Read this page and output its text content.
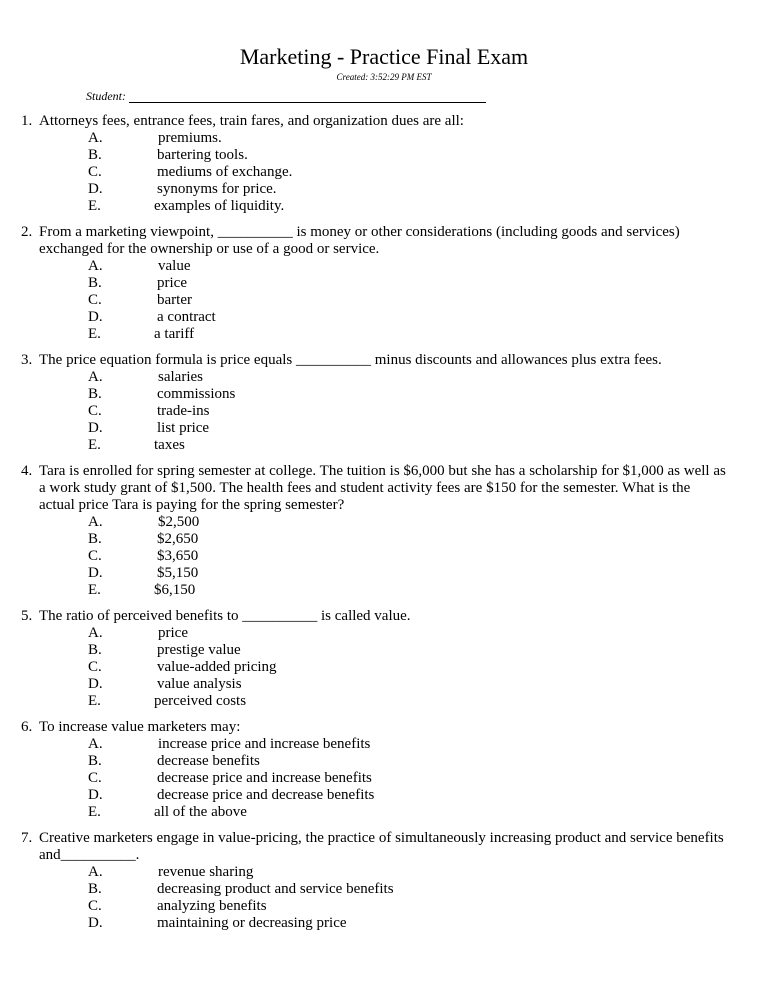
Marketing - Practice Final Exam
Created: 3:52:29 PM EST
Student:
1. Attorneys fees, entrance fees, train fares, and organization dues are all:
A.	premiums.
B.	bartering tools.
C.	mediums of exchange.
D.	synonyms for price.
E.	examples of liquidity.
2. From a marketing viewpoint, __________ is money or other considerations (including goods and services) exchanged for the ownership or use of a good or service.
A.	value
B.	price
C.	barter
D.	a contract
E.	a tariff
3. The price equation formula is price equals __________ minus discounts and allowances plus extra fees.
A.	salaries
B.	commissions
C.	trade-ins
D.	list price
E.	taxes
4. Tara is enrolled for spring semester at college. The tuition is $6,000 but she has a scholarship for $1,000 as well as a work study grant of $1,500. The health fees and student activity fees are $150 for the semester. What is the actual price Tara is paying for the spring semester?
A.	$2,500
B.	$2,650
C.	$3,650
D.	$5,150
E.	$6,150
5. The ratio of perceived benefits to __________ is called value.
A.	price
B.	prestige value
C.	value-added pricing
D.	value analysis
E.	perceived costs
6. To increase value marketers may:
A.	increase price and increase benefits
B.	decrease benefits
C.	decrease price and increase benefits
D.	decrease price and decrease benefits
E.	all of the above
7. Creative marketers engage in value-pricing, the practice of simultaneously increasing product and service benefits and__________.
A.	revenue sharing
B.	decreasing product and service benefits
C.	analyzing benefits
D.	maintaining or decreasing price
